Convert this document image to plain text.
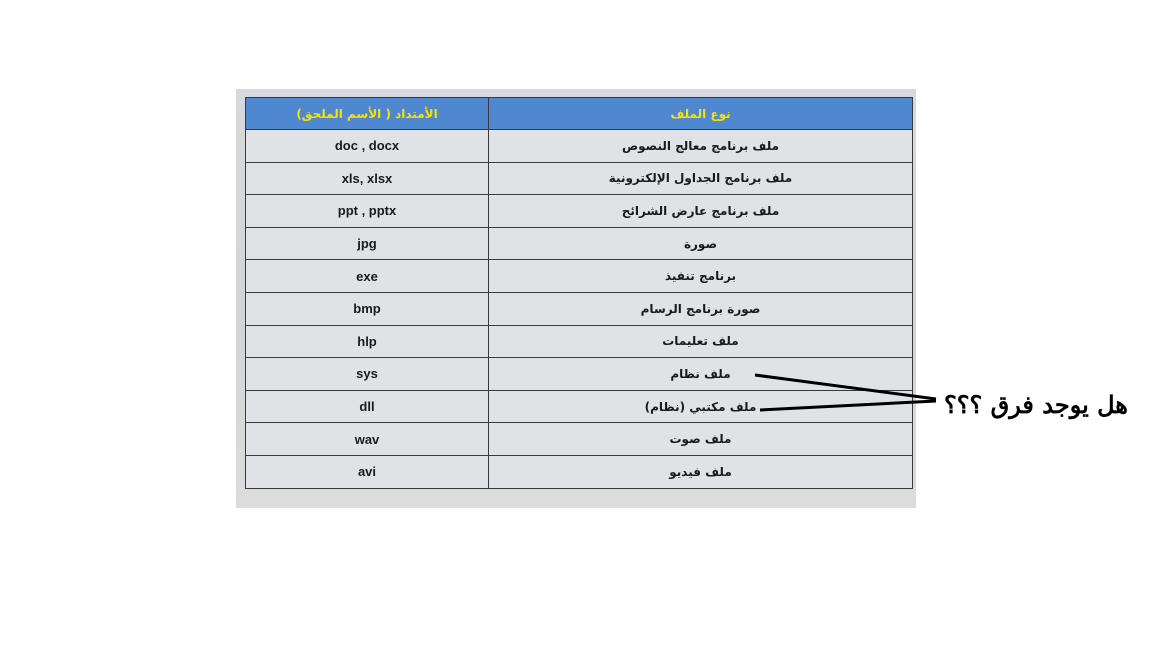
نوع الملف	الأمتداد ( الأسم الملحق)
ملف برنامج معالج النصوص	doc , docx
ملف برنامج الجداول الإلكترونية	xls, xlsx
ملف برنامج عارض الشرائح	ppt , pptx
صورة	jpg
برنامج تنفيذ	exe
صورة برنامج الرسام	bmp
ملف تعليمات	hlp
ملف نظام	sys
ملف مكتبي (نظام)	dll
ملف صوت	wav
ملف فيديو	avi
هل يوجد فرق ؟؟؟
